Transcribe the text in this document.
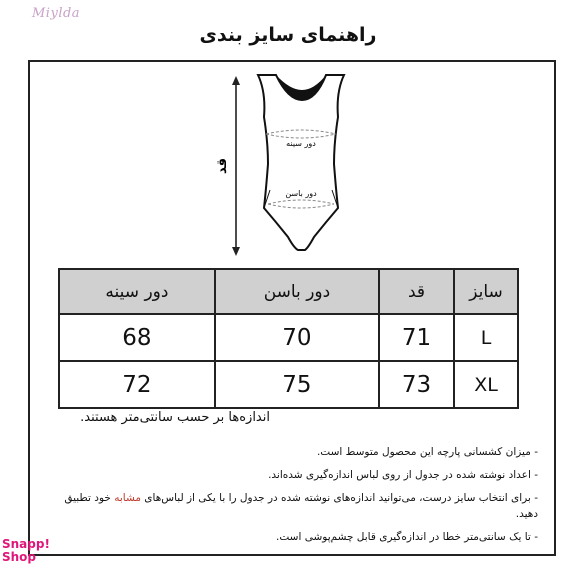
Miylda
راهنمای سایز بندی
قد
دور سینه
دور باسن
سایز	قد	دور باسن	دور سینه
L	71	70	68
XL	73	75	72
اندازه‌ها بر حسب سانتی‌متر هستند.
- میزان کشسانی پارچه این محصول متوسط است.
- اعداد نوشته شده در جدول از روی لباس اندازه‌گیری شده‌اند.
- برای انتخاب سایز درست، می‌توانید اندازه‌های نوشته شده در جدول را با یکی از لباس‌های مشابه خود تطبیق دهید.
- تا یک سانتی‌متر خطا در اندازه‌گیری قابل چشم‌پوشی است.
Snapp!
Shop
